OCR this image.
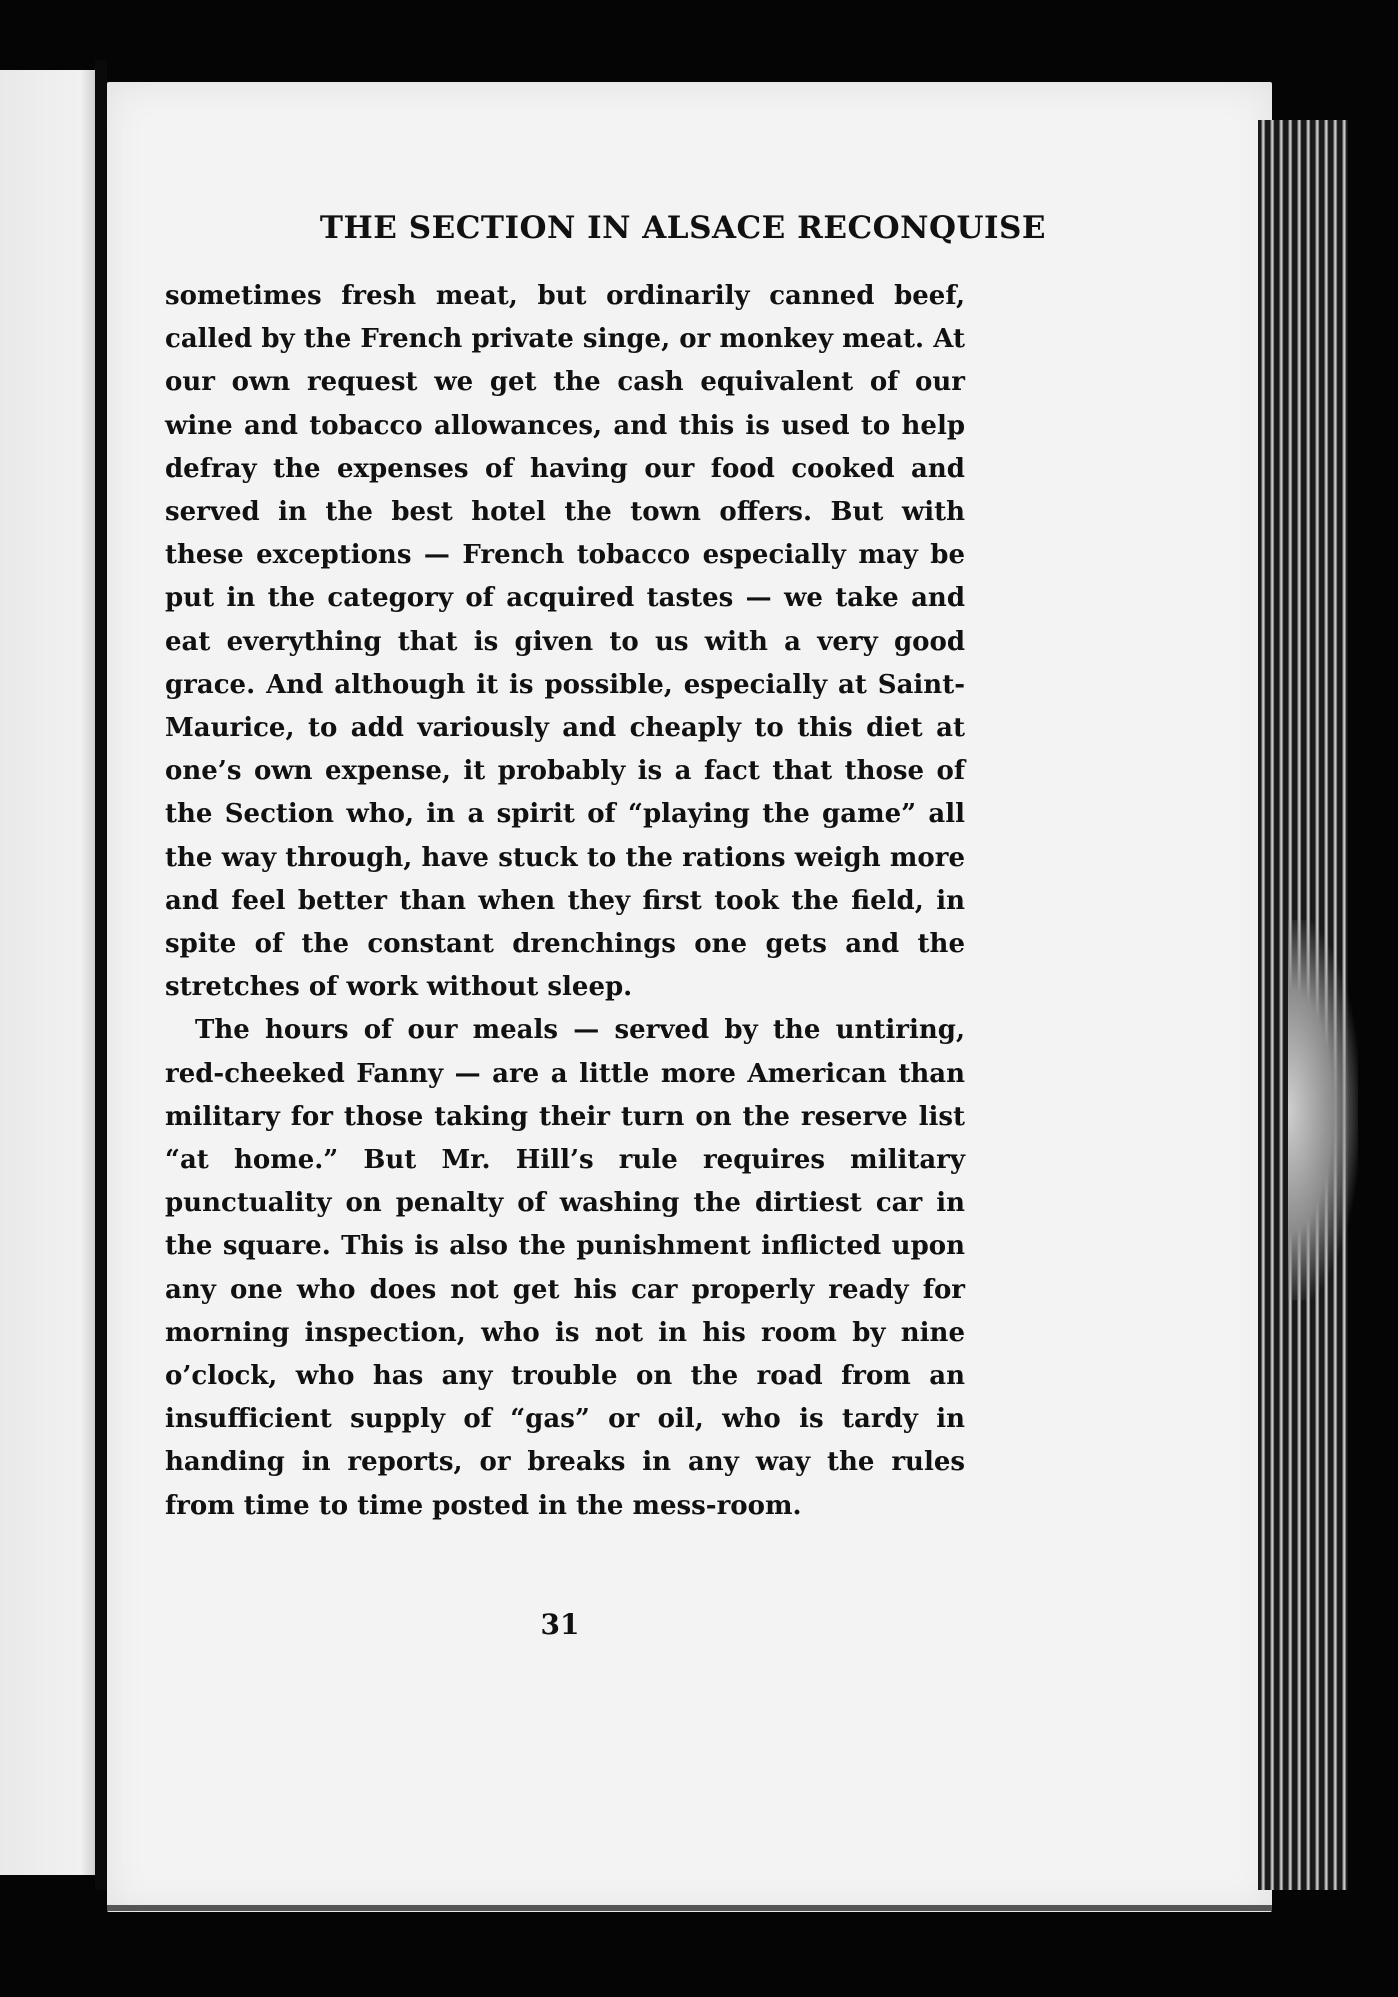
THE SECTION IN ALSACE RECONQUISE

sometimes fresh meat, but ordinarily canned beef, called by the French private singe, or monkey meat. At our own request we get the cash equivalent of our wine and tobacco allowances, and this is used to help defray the expenses of having our food cooked and served in the best hotel the town offers. But with these exceptions — French tobacco especially may be put in the category of acquired tastes — we take and eat everything that is given to us with a very good grace. And although it is possible, especially at Saint-Maurice, to add variously and cheaply to this diet at one’s own expense, it probably is a fact that those of the Section who, in a spirit of “playing the game” all the way through, have stuck to the rations weigh more and feel better than when they first took the field, in spite of the constant drenchings one gets and the stretches of work without sleep.

The hours of our meals — served by the untiring, red-cheeked Fanny — are a little more American than military for those taking their turn on the reserve list “at home.” But Mr. Hill’s rule requires military punctuality on penalty of washing the dirtiest car in the square. This is also the punishment inflicted upon any one who does not get his car properly ready for morning inspection, who is not in his room by nine o’clock, who has any trouble on the road from an insufficient supply of “gas” or oil, who is tardy in handing in reports, or breaks in any way the rules from time to time posted in the mess-room.

31
